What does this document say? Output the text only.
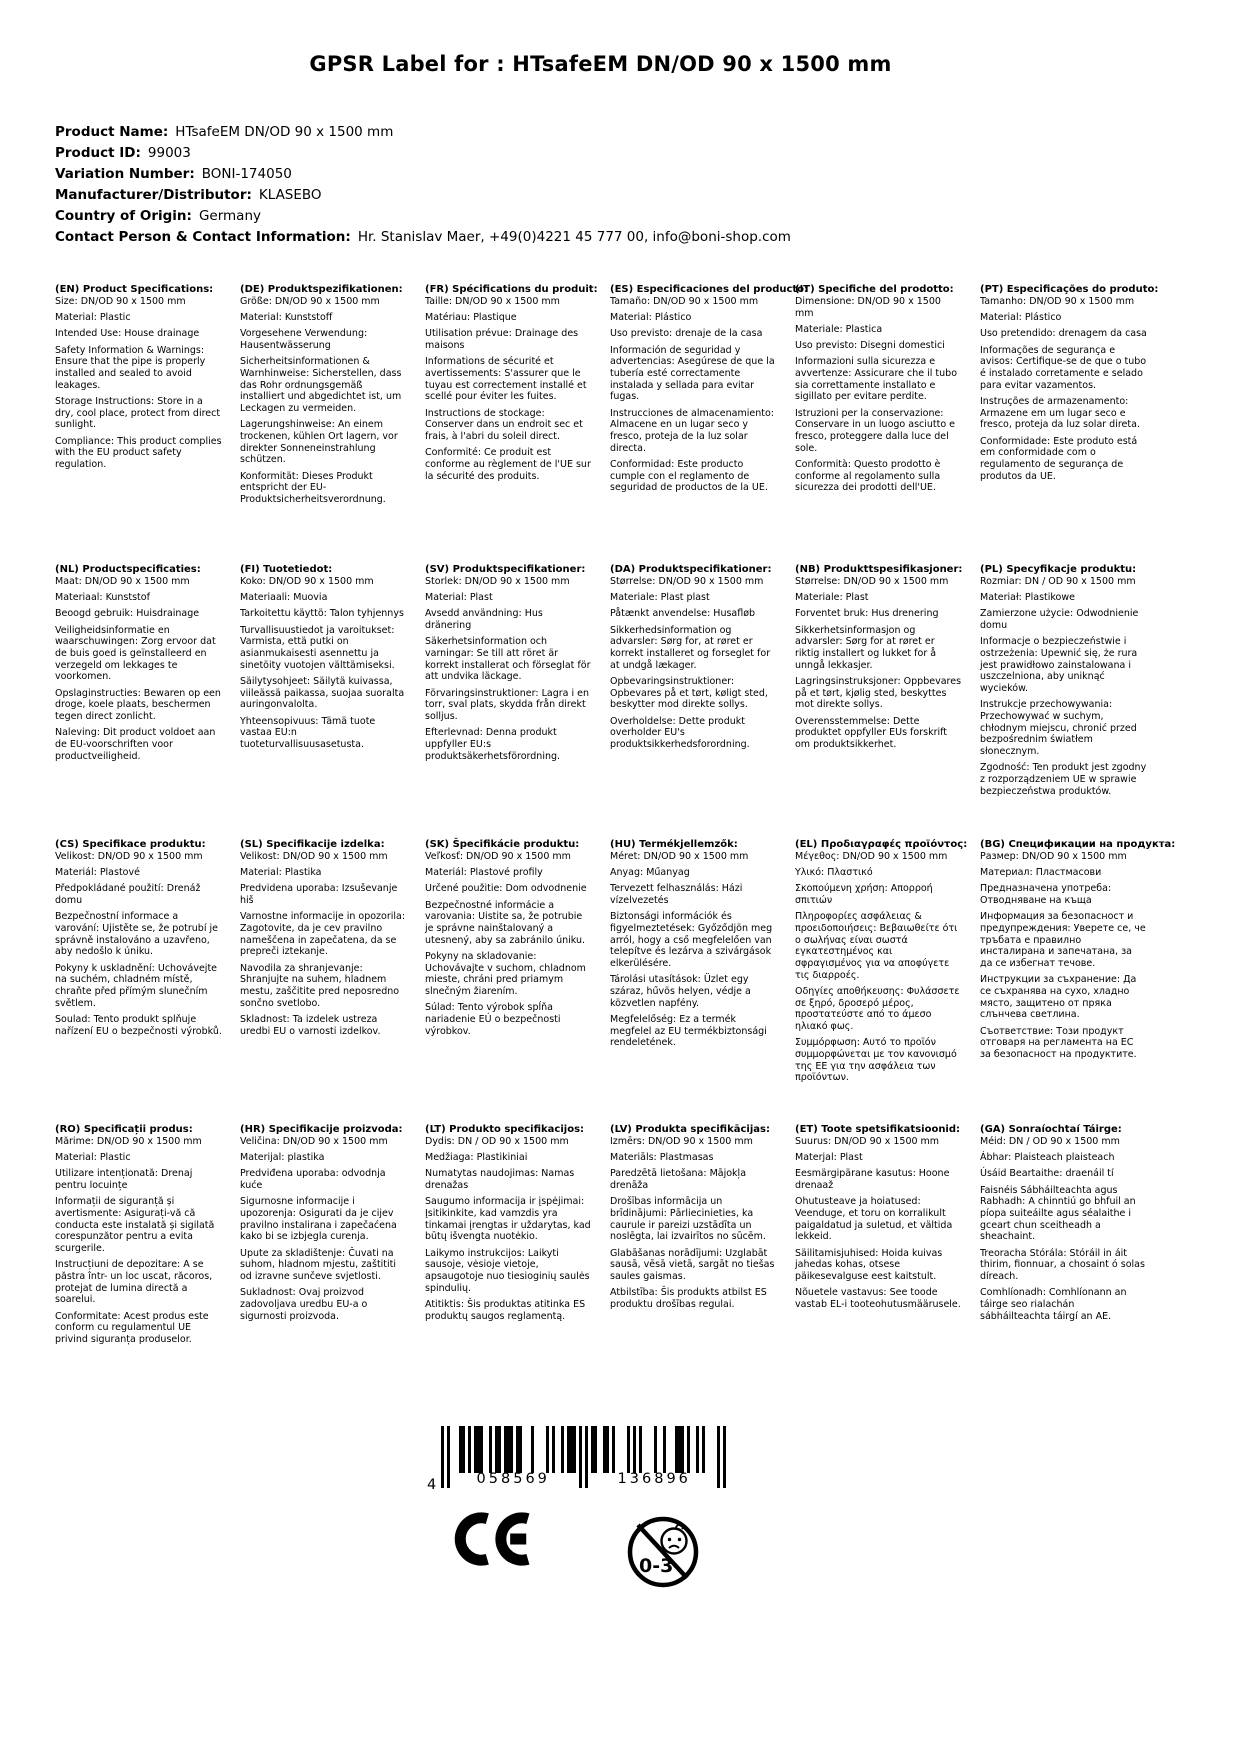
GPSR Label for : HTsafeEM DN/OD 90 x 1500 mm
Product Name: HTsafeEM DN/OD 90 x 1500 mm
Product ID: 99003
Variation Number: BONI-174050
Manufacturer/Distributor: KLASEBO
Country of Origin: Germany
Contact Person & Contact Information: Hr. Stanislav Maer, +49(0)4221 45 777 00, info@boni-shop.com
(EN) Product Specifications:

Size: DN/OD 90 x 1500 mm

Material: Plastic

Intended Use: House drainage

Safety Information & Warnings: Ensure that the pipe is properly installed and sealed to avoid leakages.

Storage Instructions: Store in a dry, cool place, protect from direct sunlight.

Compliance: This product complies with the EU product safety regulation.

(DE) Produktspezifikationen:

Größe: DN/OD 90 x 1500 mm

Material: Kunststoff

Vorgesehene Verwendung: Hausentwässerung

Sicherheitsinformationen & Warnhinweise: Sicherstellen, dass das Rohr ordnungsgemäß installiert und abgedichtet ist, um Leckagen zu vermeiden.

Lagerungshinweise: An einem trockenen, kühlen Ort lagern, vor direkter Sonneneinstrahlung schützen.

Konformität: Dieses Produkt entspricht der EU-Produktsicherheitsverordnung.

(FR) Spécifications du produit:

Taille: DN/OD 90 x 1500 mm

Matériau: Plastique

Utilisation prévue: Drainage des maisons

Informations de sécurité et avertissements: S'assurer que le tuyau est correctement installé et scellé pour éviter les fuites.

Instructions de stockage: Conserver dans un endroit sec et frais, à l'abri du soleil direct.

Conformité: Ce produit est conforme au règlement de l'UE sur la sécurité des produits.

(ES) Especificaciones del producto:

Tamaño: DN/OD 90 x 1500 mm

Material: Plástico

Uso previsto: drenaje de la casa

Información de seguridad y advertencias: Asegúrese de que la tubería esté correctamente instalada y sellada para evitar fugas.

Instrucciones de almacenamiento: Almacene en un lugar seco y fresco, proteja de la luz solar directa.

Conformidad: Este producto cumple con el reglamento de seguridad de productos de la UE.

(IT) Specifiche del prodotto:

Dimensione: DN/OD 90 x 1500 mm

Materiale: Plastica

Uso previsto: Disegni domestici

Informazioni sulla sicurezza e avvertenze: Assicurare che il tubo sia correttamente installato e sigillato per evitare perdite.

Istruzioni per la conservazione: Conservare in un luogo asciutto e fresco, proteggere dalla luce del sole.

Conformità: Questo prodotto è conforme al regolamento sulla sicurezza dei prodotti dell'UE.

(PT) Especificações do produto:

Tamanho: DN/OD 90 x 1500 mm

Material: Plástico

Uso pretendido: drenagem da casa

Informações de segurança e avisos: Certifique-se de que o tubo é instalado corretamente e selado para evitar vazamentos.

Instruções de armazenamento: Armazene em um lugar seco e fresco, proteja da luz solar direta.

Conformidade: Este produto está em conformidade com o regulamento de segurança de produtos da UE.

(NL) Productspecificaties:

Maat: DN/OD 90 x 1500 mm

Materiaal: Kunststof

Beoogd gebruik: Huisdrainage

Veiligheidsinformatie en waarschuwingen: Zorg ervoor dat de buis goed is geïnstalleerd en verzegeld om lekkages te voorkomen.

Opslaginstructies: Bewaren op een droge, koele plaats, beschermen tegen direct zonlicht.

Naleving: Dit product voldoet aan de EU-voorschriften voor productveiligheid.

(FI) Tuotetiedot:

Koko: DN/OD 90 x 1500 mm

Materiaali: Muovia

Tarkoitettu käyttö: Talon tyhjennys

Turvallisuustiedot ja varoitukset: Varmista, että putki on asianmukaisesti asennettu ja sinetöity vuotojen välttämiseksi.

Säilytysohjeet: Säilytä kuivassa, viileässä paikassa, suojaa suoralta auringonvalolta.

Yhteensopivuus: Tämä tuote vastaa EU:n tuoteturvallisuusasetusta.

(SV) Produktspecifikationer:

Storlek: DN/OD 90 x 1500 mm

Material: Plast

Avsedd användning: Hus dränering

Säkerhetsinformation och varningar: Se till att röret är korrekt installerat och förseglat för att undvika läckage.

Förvaringsinstruktioner: Lagra i en torr, sval plats, skydda från direkt solljus.

Efterlevnad: Denna produkt uppfyller EU:s produktsäkerhetsförordning.

(DA) Produktspecifikationer:

Størrelse: DN/OD 90 x 1500 mm

Materiale: Plast plast

Påtænkt anvendelse: Husafløb

Sikkerhedsinformation og advarsler: Sørg for, at røret er korrekt installeret og forseglet for at undgå lækager.

Opbevaringsinstruktioner: Opbevares på et tørt, køligt sted, beskytter mod direkte sollys.

Overholdelse: Dette produkt overholder EU's produktsikkerhedsforordning.

(NB) Produkttspesifikasjoner:

Størrelse: DN/OD 90 x 1500 mm

Materiale: Plast

Forventet bruk: Hus drenering

Sikkerhetsinformasjon og advarsler: Sørg for at røret er riktig installert og lukket for å unngå lekkasjer.

Lagringsinstruksjoner: Oppbevares på et tørt, kjølig sted, beskyttes mot direkte sollys.

Overensstemmelse: Dette produktet oppfyller EUs forskrift om produktsikkerhet.

(PL) Specyfikacje produktu:

Rozmiar: DN / OD 90 x 1500 mm

Materiał: Plastikowe

Zamierzone użycie: Odwodnienie domu

Informacje o bezpieczeństwie i ostrzeżenia: Upewnić się, że rura jest prawidłowo zainstalowana i uszczelniona, aby uniknąć wycieków.

Instrukcje przechowywania: Przechowywać w suchym, chłodnym miejscu, chronić przed bezpośrednim światłem słonecznym.

Zgodność: Ten produkt jest zgodny z rozporządzeniem UE w sprawie bezpieczeństwa produktów.

(CS) Specifikace produktu:

Velikost: DN/OD 90 x 1500 mm

Materiál: Plastové

Předpokládané použití: Drenáž domu

Bezpečnostní informace a varování: Ujistěte se, že potrubí je správně instalováno a uzavřeno, aby nedošlo k úniku.

Pokyny k uskladnění: Uchovávejte na suchém, chladném místě, chraňte před přímým slunečním světlem.

Soulad: Tento produkt splňuje nařízení EU o bezpečnosti výrobků.

(SL) Specifikacije izdelka:

Velikost: DN/OD 90 x 1500 mm

Material: Plastika

Predvidena uporaba: Izsuševanje hiš

Varnostne informacije in opozorila: Zagotovite, da je cev pravilno nameščena in zapečatena, da se prepreči iztekanje.

Navodila za shranjevanje: Shranjujte na suhem, hladnem mestu, zaščitite pred neposredno sončno svetlobo.

Skladnost: Ta izdelek ustreza uredbi EU o varnosti izdelkov.

(SK) Špecifikácie produktu:

Veľkosť: DN/OD 90 x 1500 mm

Materiál: Plastové profily

Určené použitie: Dom odvodnenie

Bezpečnostné informácie a varovania: Uistite sa, že potrubie je správne nainštalovaný a utesnený, aby sa zabránilo úniku.

Pokyny na skladovanie: Uchovávajte v suchom, chladnom mieste, chráni pred priamym slnečným žiarením.

Súlad: Tento výrobok spĺňa nariadenie EÚ o bezpečnosti výrobkov.

(HU) Termékjellemzők:

Méret: DN/OD 90 x 1500 mm

Anyag: Műanyag

Tervezett felhasználás: Házi vízelvezetés

Biztonsági információk és figyelmeztetések: Győződjön meg arról, hogy a cső megfelelően van telepítve és lezárva a szivárgások elkerülésére.

Tárolási utasítások: Üzlet egy száraz, hűvös helyen, védje a közvetlen napfény.

Megfelelőség: Ez a termék megfelel az EU termékbiztonsági rendeletének.

(EL) Προδιαγραφές προϊόντος:

Μέγεθος: DN/OD 90 x 1500 mm

Υλικό: Πλαστικό

Σκοπούμενη χρήση: Απορροή σπιτιών

Πληροφορίες ασφάλειας & προειδοποιήσεις: Βεβαιωθείτε ότι ο σωλήνας είναι σωστά εγκατεστημένος και σφραγισμένος για να αποφύγετε τις διαρροές.

Οδηγίες αποθήκευσης: Φυλάσσετε σε ξηρό, δροσερό μέρος, προστατεύστε από το άμεσο ηλιακό φως.

Συμμόρφωση: Αυτό το προϊόν συμμορφώνεται με τον κανονισμό της ΕΕ για την ασφάλεια των προϊόντων.

(BG) Спецификации на продукта:

Размер: DN/OD 90 x 1500 mm

Материал: Пластмасови

Предназначена употреба: Отводняване на къща

Информация за безопасност и предупреждения: Уверете се, че тръбата е правилно инсталирана и запечатана, за да се избегнат течове.

Инструкции за съхранение: Да се съхранява на сухо, хладно място, защитено от пряка слънчева светлина.

Съответствие: Този продукт отговаря на регламента на ЕС за безопасност на продуктите.

(RO) Specificații produs:

Mărime: DN/OD 90 x 1500 mm

Material: Plastic

Utilizare intenționată: Drenaj pentru locuințe

Informații de siguranță și avertismente: Asigurați-vă că conducta este instalată și sigilată corespunzător pentru a evita scurgerile.

Instrucțiuni de depozitare: A se păstra într- un loc uscat, răcoros, protejat de lumina directă a soarelui.

Conformitate: Acest produs este conform cu regulamentul UE privind siguranța produselor.

(HR) Specifikacije proizvoda:

Veličina: DN/OD 90 x 1500 mm

Materijal: plastika

Predviđena uporaba: odvodnja kuće

Sigurnosne informacije i upozorenja: Osigurati da je cijev pravilno instalirana i zapečaćena kako bi se izbjegla curenja.

Upute za skladištenje: Čuvati na suhom, hladnom mjestu, zaštititi od izravne sunčeve svjetlosti.

Sukladnost: Ovaj proizvod zadovoljava uredbu EU-a o sigurnosti proizvoda.

(LT) Produkto specifikacijos:

Dydis: DN / OD 90 x 1500 mm

Medžiaga: Plastikiniai

Numatytas naudojimas: Namas drenažas

Saugumo informacija ir įspėjimai: Įsitikinkite, kad vamzdis yra tinkamai įrengtas ir uždarytas, kad būtų išvengta nuotėkio.

Laikymo instrukcijos: Laikyti sausoje, vėsioje vietoje, apsaugotoje nuo tiesioginių saulės spindulių.

Atitiktis: Šis produktas atitinka ES produktų saugos reglamentą.

(LV) Produkta specifikācijas:

Izmērs: DN/OD 90 x 1500 mm

Materiāls: Plastmasas

Paredzētā lietošana: Mājokļa drenāža

Drošības informācija un brīdinājumi: Pārliecinieties, ka caurule ir pareizi uzstādīta un noslēgta, lai izvairītos no sūcēm.

Glabāšanas norādījumi: Uzglabāt sausā, vēsā vietā, sargāt no tiešas saules gaismas.

Atbilstība: Šis produkts atbilst ES produktu drošības regulai.

(ET) Toote spetsifikatsioonid:

Suurus: DN/OD 90 x 1500 mm

Materjal: Plast

Eesmärgipärane kasutus: Hoone drenaaž

Ohutusteave ja hoiatused: Veenduge, et toru on korralikult paigaldatud ja suletud, et vältida lekkeid.

Säilitamisjuhised: Hoida kuivas jahedas kohas, otsese päikesevalguse eest kaitstult.

Nõuetele vastavus: See toode vastab EL-i tooteohutusmäärusele.

(GA) Sonraíochtaí Táirge:

Méid: DN / OD 90 x 1500 mm

Ábhar: Plaisteach plaisteach

Úsáid Beartaithe: draenáil tí

Faisnéis Sábháilteachta agus Rabhadh: A chinntiú go bhfuil an píopa suiteáilte agus séalaithe i gceart chun sceitheadh a sheachaint.

Treoracha Stórála: Stóráil in áit thirim, fionnuar, a chosaint ó solas díreach.

Comhlíonadh: Comhlíonann an táirge seo rialachán sábháilteachta táirgí an AE.

4	058569	136896
0-3
